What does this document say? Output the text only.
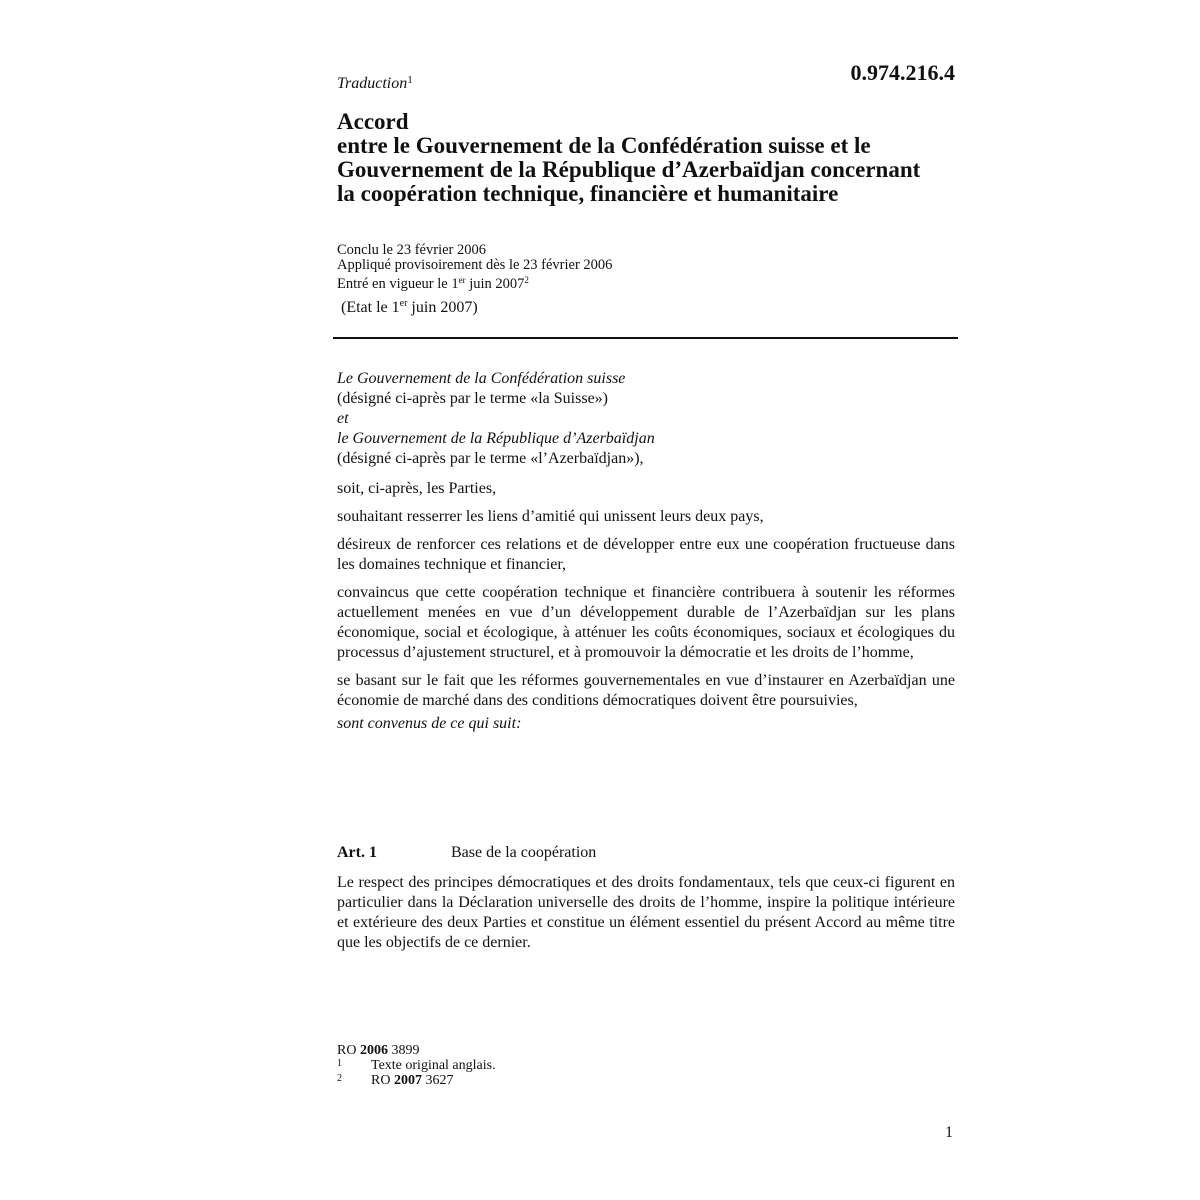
Traduction$^1$	0.974.216.4
Accord
entre le Gouvernement de la Confédération suisse et le
Gouvernement de la République d’Azerbaïdjan concernant
la coopération technique, financière et humanitaire
Conclu le 23 février 2006
Appliqué provisoirement dès le 23 février 2006
Entré en vigueur le 1er juin 2007$^2$
(Etat le 1er juin 2007)
Le Gouvernement de la Confédération suisse
(désigné ci-après par le terme «la Suisse»)
et
le Gouvernement de la République d’Azerbaïdjan
(désigné ci-après par le terme «l’Azerbaïdjan»),
soit, ci-après, les Parties,
souhaitant resserrer les liens d’amitié qui unissent leurs deux pays,
désireux de renforcer ces relations et de développer entre eux une coopération fructueuse dans les domaines technique et financier,
convaincus que cette coopération technique et financière contribuera à soutenir les réformes actuellement menées en vue d’un développement durable de l’Azerbaïdjan sur les plans économique, social et écologique, à atténuer les coûts économiques, sociaux et écologiques du processus d’ajustement structurel, et à promouvoir la démocratie et les droits de l’homme,
se basant sur le fait que les réformes gouvernementales en vue d’instaurer en Azerbaïdjan une économie de marché dans des conditions démocratiques doivent être poursuivies,
sont convenus de ce qui suit:
Art. 1	Base de la coopération
Le respect des principes démocratiques et des droits fondamentaux, tels que ceux-ci figurent en particulier dans la Déclaration universelle des droits de l’homme, inspire la politique intérieure et extérieure des deux Parties et constitue un élément essentiel du présent Accord au même titre que les objectifs de ce dernier.
RO 2006 3899
1 Texte original anglais.
2 RO 2007 3627
1
